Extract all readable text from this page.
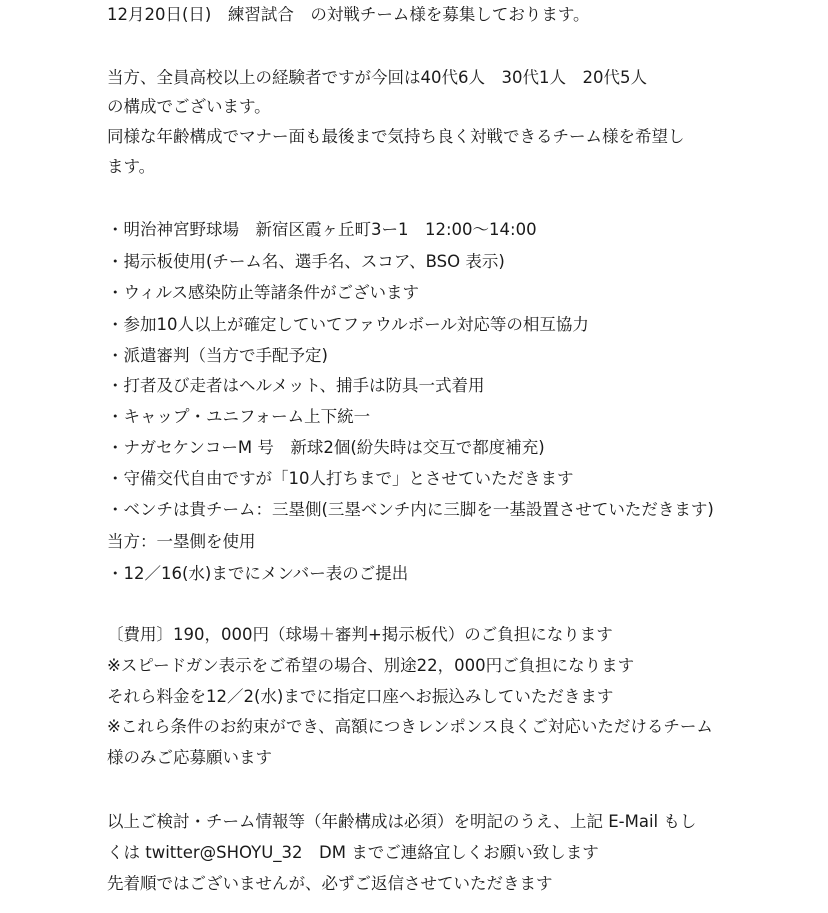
12月20日(日)　練習試合　の対戦チーム様を募集しております。

当方、全員高校以上の経験者ですが今回は40代6人　30代1人　20代5人

の構成でございます。

同様な年齢構成でマナー面も最後まで気持ち良く対戦できるチーム様を希望し

ます。

・明治神宮野球場　新宿区霞ヶ丘町3ー1　12:00〜14:00

・掲示板使用(チーム名、選手名、スコア、BSO 表示)

・ウィルス感染防止等諸条件がございます

・参加10人以上が確定していてファウルボール対応等の相互協力

・派遣審判（当方で手配予定)

・打者及び走者はヘルメット、捕手は防具一式着用

・キャップ・ユニフォーム上下統一

・ナガセケンコーM 号　新球2個(紛失時は交互で都度補充)

・守備交代自由ですが「10人打ちまで」とさせていただきます

・ベンチは貴チーム：三塁側(三塁ベンチ内に三脚を一基設置させていただきます)

当方：一塁側を使用

・12／16(水)までにメンバー表のご提出

〔費用〕190，000円（球場＋審判+掲示板代）のご負担になります

※スピードガン表示をご希望の場合、別途22，000円ご負担になります

それら料金を12／2(水)までに指定口座へお振込みしていただきます

※これら条件のお約束ができ、高額につきレンポンス良くご対応いただけるチーム

様のみご応募願います

以上ご検討・チーム情報等（年齢構成は必須）を明記のうえ、上記 E-Mail もし

くは twitter@SHOYU_32　DM までご連絡宜しくお願い致します

先着順ではございませんが、必ずご返信させていただきます
